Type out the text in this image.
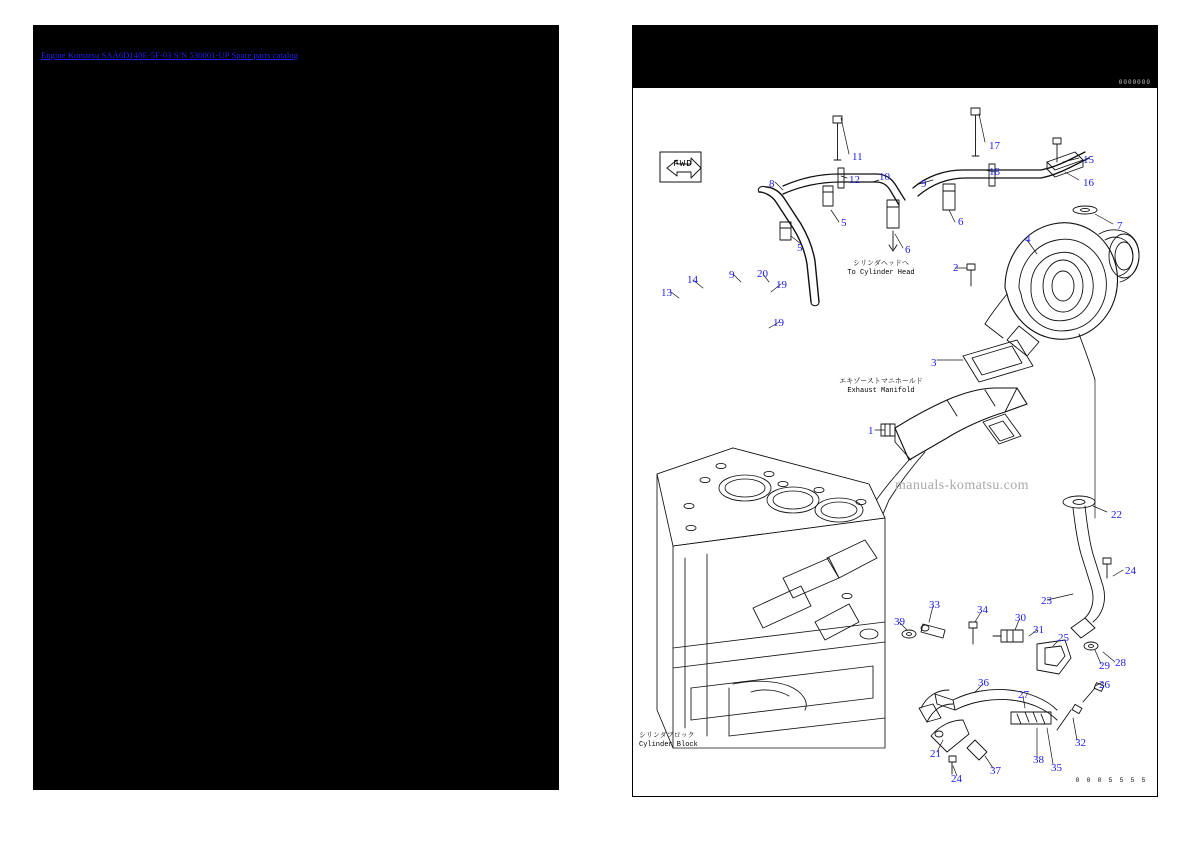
Engine Komatsu SAA6D140E-5F-03 S/N 530001-UP Spare parts catalog
0000000
シリンダヘッドへ
To Cylinder Head
エキゾーストマニホールド
Exhaust Manifold
シリンダブロック
Cylinder Block
FWD
manuals-komatsu.com
11
17
15
18
16
12 10
9
8
5	6	7
5	6
4
2
9 20
19
14
13
19
3
1
22
24
23
33	34
30
31
25
39
29 28
26
36
27
32
21
37
38
35
24	0 0 0 5 5 5 5
